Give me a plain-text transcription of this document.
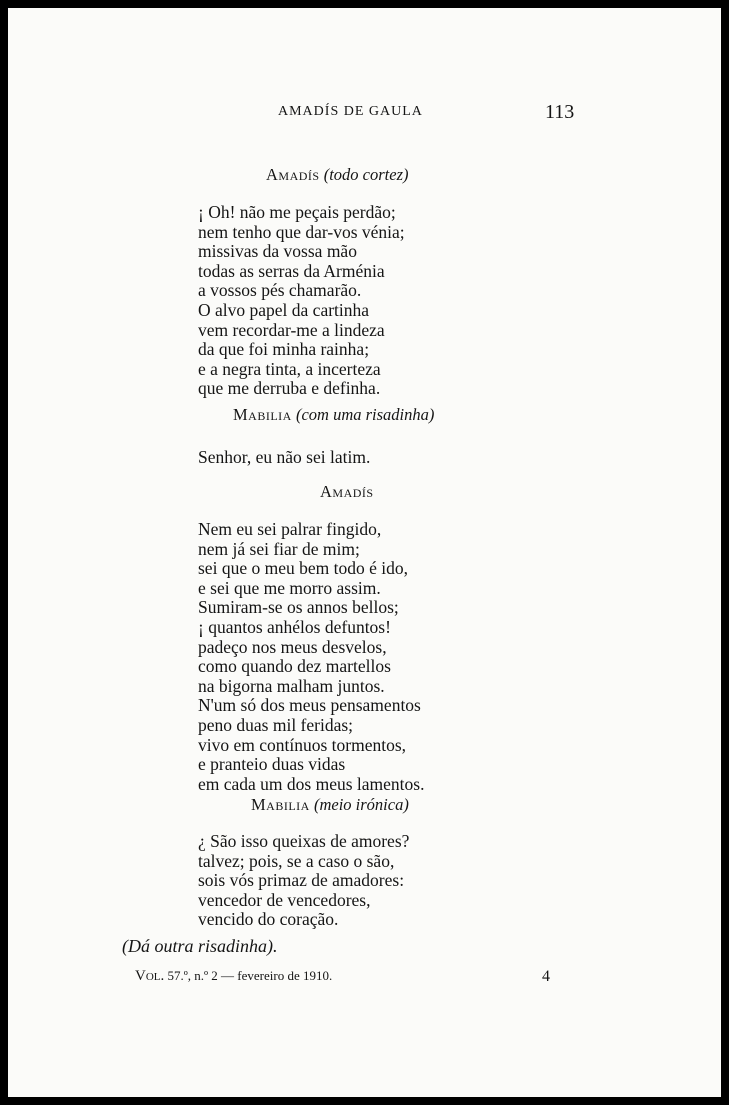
AMADÍS DE GAULA	113
Amadís (todo cortez)
¡ Oh! não me peçais perdão;
nem tenho que dar-vos vénia;
missivas da vossa mão
todas as serras da Arménia
a vossos pés chamarão.
O alvo papel da cartinha
vem recordar-me a lindeza
da que foi minha rainha;
e a negra tinta, a incerteza
que me derruba e definha.
Mabilia (com uma risadinha)
Senhor, eu não sei latim.
Amadís
Nem eu sei palrar fingido,
nem já sei fiar de mim;
sei que o meu bem todo é ido,
e sei que me morro assim.
Sumiram-se os annos bellos;
¡ quantos anhélos defuntos!
padeço nos meus desvelos,
como quando dez martellos
na bigorna malham juntos.
N'um só dos meus pensamentos
peno duas mil feridas;
vivo em contínuos tormentos,
e pranteio duas vidas
em cada um dos meus lamentos.
Mabilia (meio irónica)
¿ São isso queixas de amores?
talvez; pois, se a caso o são,
sois vós primaz de amadores:
vencedor de vencedores,
vencido do coração.
(Dá outra risadinha).
Vol. 57.º, n.º 2 — fevereiro de 1910.	4
